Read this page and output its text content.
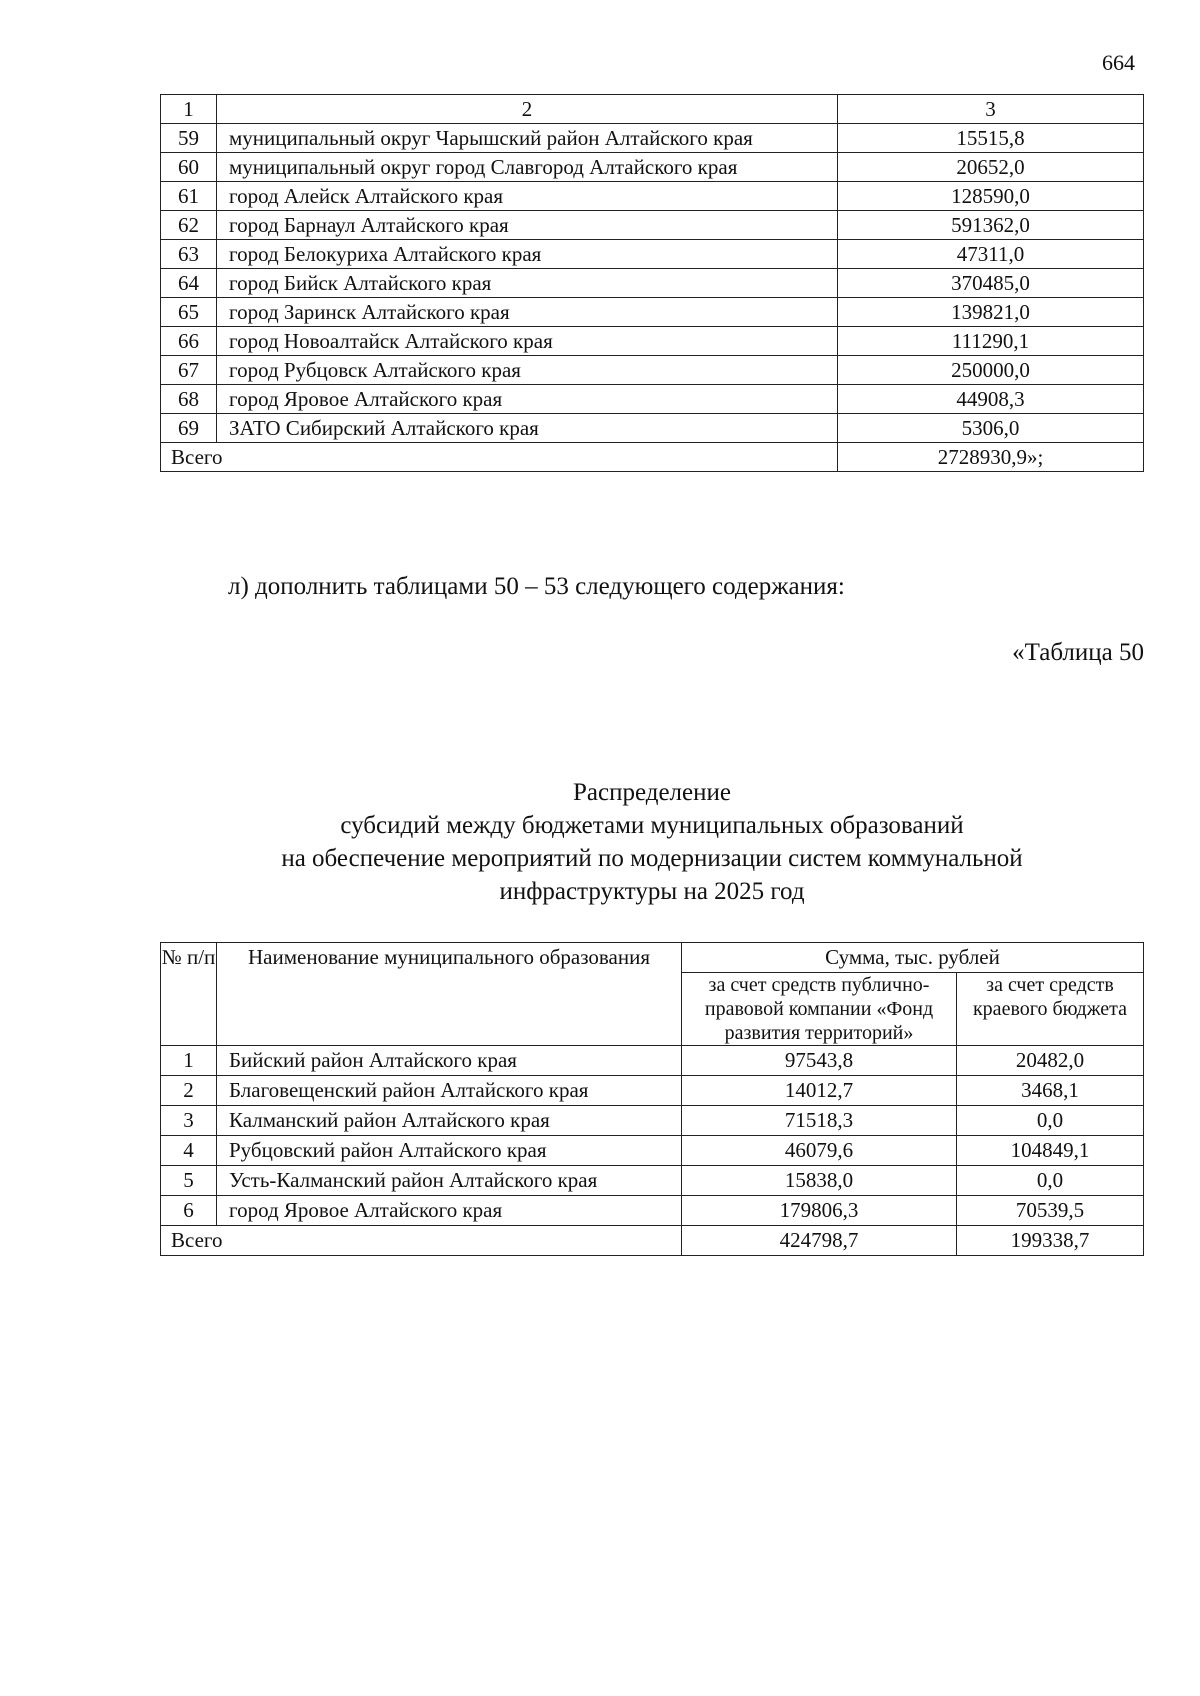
664
1	2	3
59	муниципальный округ Чарышский район Алтайского края	15515,8
60	муниципальный округ город Славгород Алтайского края	20652,0
61	город Алейск Алтайского края	128590,0
62	город Барнаул Алтайского края	591362,0
63	город Белокуриха Алтайского края	47311,0
64	город Бийск Алтайского края	370485,0
65	город Заринск Алтайского края	139821,0
66	город Новоалтайск Алтайского края	111290,1
67	город Рубцовск Алтайского края	250000,0
68	город Яровое Алтайского края	44908,3
69	ЗАТО Сибирский Алтайского края	5306,0
Всего		2728930,9»;
л) дополнить таблицами 50 – 53 следующего содержания:
«Таблица 50
Распределение
субсидий между бюджетами муниципальных образований
на обеспечение мероприятий по модернизации систем коммунальной
инфраструктуры на 2025 год
№ п/п	Наименование муниципального образования	Сумма, тыс. рублей	
		за счет средств публично-правовой компании «Фонд развития территорий»	за счет средств краевого бюджета
1	Бийский район Алтайского края	97543,8	20482,0
2	Благовещенский район Алтайского края	14012,7	3468,1
3	Калманский район Алтайского края	71518,3	0,0
4	Рубцовский район Алтайского края	46079,6	104849,1
5	Усть-Калманский район Алтайского края	15838,0	0,0
6	город Яровое Алтайского края	179806,3	70539,5
Всего		424798,7	199338,7
